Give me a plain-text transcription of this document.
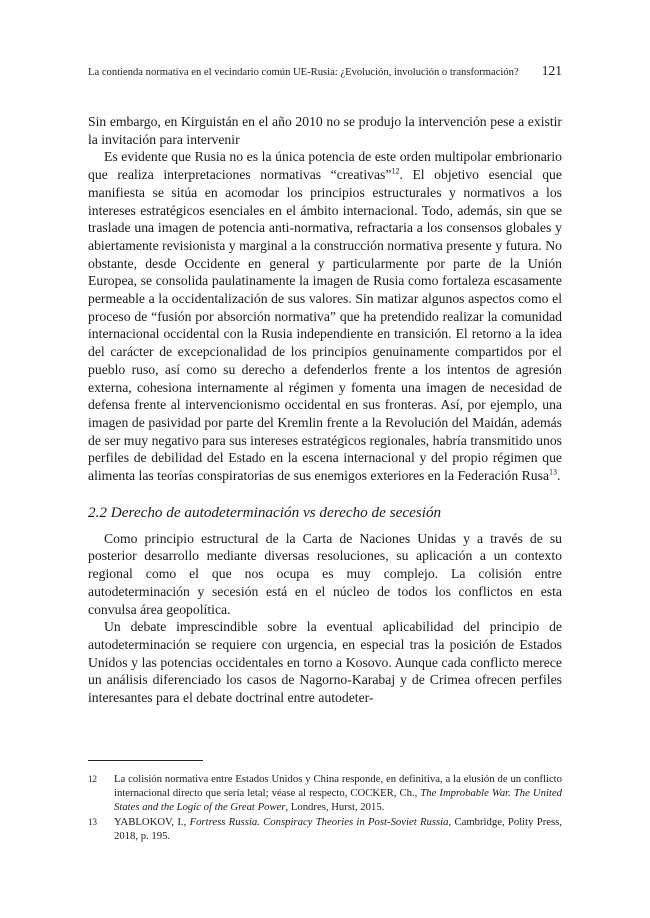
La contienda normativa en el vecindario común UE-Rusia: ¿Evolución, involución o transformación? 121

Sin embargo, en Kirguistán en el año 2010 no se produjo la intervención pese a existir la invitación para intervenir

Es evidente que Rusia no es la única potencia de este orden multipolar embrionario que realiza interpretaciones normativas “creativas”$^{12}$. El objetivo esencial que manifiesta se sitúa en acomodar los principios estructurales y normativos a los intereses estratégicos esenciales en el ámbito internacional. Todo, además, sin que se traslade una imagen de potencia anti-normativa, refractaria a los consensos globales y abiertamente revisionista y marginal a la construcción normativa presente y futura. No obstante, desde Occidente en general y particularmente por parte de la Unión Europea, se consolida paulatinamente la imagen de Rusia como fortaleza escasamente permeable a la occidentalización de sus valores. Sin matizar algunos aspectos como el proceso de “fusión por absorción normativa” que ha pretendido realizar la comunidad internacional occidental con la Rusia independiente en transición. El retorno a la idea del carácter de excepcionalidad de los principios genuinamente compartidos por el pueblo ruso, así como su derecho a defenderlos frente a los intentos de agresión externa, cohesiona internamente al régimen y fomenta una imagen de necesidad de defensa frente al intervencionismo occidental en sus fronteras. Así, por ejemplo, una imagen de pasividad por parte del Kremlin frente a la Revolución del Maidán, además de ser muy negativo para sus intereses estratégicos regionales, habría transmitido unos perfiles de debilidad del Estado en la escena internacional y del propio régimen que alimenta las teorías conspiratorias de sus enemigos exteriores en la Federación Rusa$^{13}$.

2.2 Derecho de autodeterminación vs derecho de secesión

Como principio estructural de la Carta de Naciones Unidas y a través de su posterior desarrollo mediante diversas resoluciones, su aplicación a un contexto regional como el que nos ocupa es muy complejo. La colisión entre autodeterminación y secesión está en el núcleo de todos los conflictos en esta convulsa área geopolítica.

Un debate imprescindible sobre la eventual aplicabilidad del principio de autodeterminación se requiere con urgencia, en especial tras la posición de Estados Unidos y las potencias occidentales en torno a Kosovo. Aunque cada conflicto merece un análisis diferenciado los casos de Nagorno-Karabaj y de Crimea ofrecen perfiles interesantes para el debate doctrinal entre autodeter-

12	La colisión normativa entre Estados Unidos y China responde, en definitiva, a la elusión de un conflicto internacional directo que sería letal; véase al respecto, COCKER, Ch., The Improbable War. The United States and the Logic of the Great Power, Londres, Hurst, 2015.
13	YABLOKOV, I., Fortress Russia. Conspiracy Theories in Post-Soviet Russia, Cambridge, Polity Press, 2018, p. 195.
